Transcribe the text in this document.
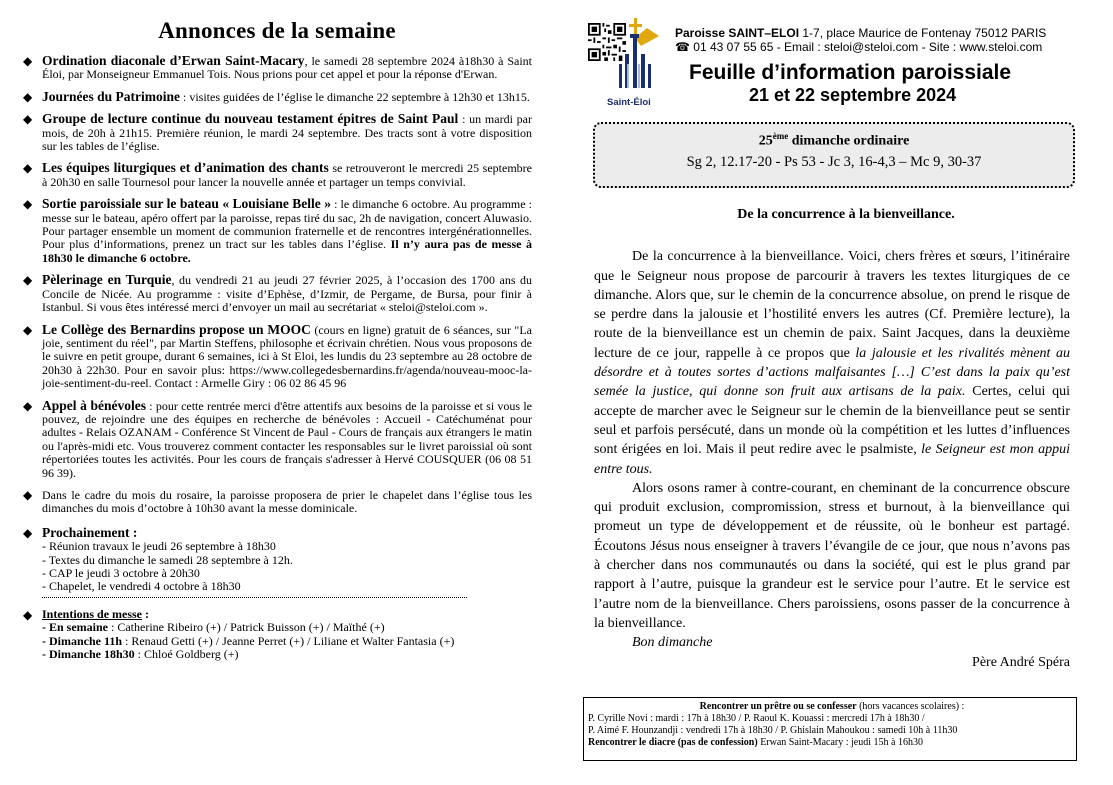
Annonces de la semaine
◆ Ordination diaconale d’Erwan Saint-Macary, le samedi 28 septembre 2024 à18h30 à Saint Éloi, par Monseigneur Emmanuel Tois. Nous prions pour cet appel et pour la réponse d'Erwan.
◆ Journées du Patrimoine : visites guidées de l’église le dimanche 22 septembre à 12h30 et 13h15.
◆ Groupe de lecture continue du nouveau testament épitres de Saint Paul : un mardi par mois, de 20h à 21h15. Première réunion, le mardi 24 septembre. Des tracts sont à votre disposition sur les tables de l’église.
◆ Les équipes liturgiques et d’animation des chants se retrouveront le mercredi 25 septembre à 20h30 en salle Tournesol pour lancer la nouvelle année et partager un temps convivial.
◆ Sortie paroissiale sur le bateau « Louisiane Belle » : le dimanche 6 octobre. Au programme : messe sur le bateau, apéro offert par la paroisse, repas tiré du sac, 2h de navigation, concert Aluwasio. Pour partager ensemble un moment de communion fraternelle et de rencontres intergénérationnelles. Pour plus d’informations, prenez un tract sur les tables dans l’église. Il n’y aura pas de messe à 18h30 le dimanche 6 octobre.
◆ Pèlerinage en Turquie, du vendredi 21 au jeudi 27 février 2025, à l’occasion des 1700 ans du Concile de Nicée. Au programme : visite d’Ephèse, d’Izmir, de Pergame, de Bursa, pour finir à Istanbul. Si vous êtes intéressé merci d’envoyer un mail au secrétariat « steloi@steloi.com ».
◆ Le Collège des Bernardins propose un MOOC (cours en ligne) gratuit de 6 séances, sur "La joie, sentiment du réel", par Martin Steffens, philosophe et écrivain chrétien. Nous vous proposons de le suivre en petit groupe, durant 6 semaines, ici à St Eloi, les lundis du 23 septembre au 28 octobre de 20h30 à 22h30. Pour en savoir plus: https://www.collegedesbernardins.fr/agenda/nouveau-mooc-la-joie-sentiment-du-reel. Contact : Armelle Giry : 06 02 86 45 96
◆ Appel à bénévoles : pour cette rentrée merci d'être attentifs aux besoins de la paroisse et si vous le pouvez, de rejoindre une des équipes en recherche de bénévoles : Accueil - Catéchuménat pour adultes - Relais OZANAM - Conférence St Vincent de Paul - Cours de français aux étrangers le matin ou l'après-midi etc. Vous trouverez comment contacter les responsables sur le livret paroissial où sont répertoriées toutes les activités. Pour les cours de français s'adresser à Hervé COUSQUER (06 08 51 96 39).
◆ Dans le cadre du mois du rosaire, la paroisse proposera de prier le chapelet dans l’église tous les dimanches du mois d’octobre à 10h30 avant la messe dominicale.
◆ Prochainement :
- Réunion travaux le jeudi 26 septembre à 18h30
- Textes du dimanche le samedi 28 septembre à 12h.
- CAP le jeudi 3 octobre à 20h30
- Chapelet, le vendredi 4 octobre à 18h30
◆ Intentions de messe :
- En semaine : Catherine Ribeiro (+) / Patrick Buisson (+) / Maïthé (+)
- Dimanche 11h : Renaud Getti (+) / Jeanne Perret (+) / Liliane et Walter Fantasia (+)
- Dimanche 18h30 : Chloé Goldberg (+)
Saint-Éloi
Paroisse SAINT–ELOI 1-7, place Maurice de Fontenay 75012 PARIS
☎ 01 43 07 55 65 - Email : steloi@steloi.com - Site : www.steloi.com
Feuille d’information paroissiale
21 et 22 septembre 2024
25ème dimanche ordinaire
Sg 2, 12.17-20 - Ps 53 - Jc 3, 16-4,3 – Mc 9, 30-37
De la concurrence à la bienveillance.

De la concurrence à la bienveillance. Voici, chers frères et sœurs, l’itinéraire que le Seigneur nous propose de parcourir à travers les textes liturgiques de ce dimanche. Alors que, sur le chemin de la concurrence absolue, on prend le risque de se perdre dans la jalousie et l’hostilité envers les autres (Cf. Première lecture), la route de la bienveillance est un chemin de paix. Saint Jacques, dans la deuxième lecture de ce jour, rappelle à ce propos que la jalousie et les rivalités mènent au désordre et à toutes sortes d’actions malfaisantes […] C’est dans la paix qu’est semée la justice, qui donne son fruit aux artisans de la paix. Certes, celui qui accepte de marcher avec le Seigneur sur le chemin de la bienveillance peut se sentir seul et parfois persécuté, dans un monde où la compétition et les luttes d’influences sont érigées en loi. Mais il peut redire avec le psalmiste, le Seigneur est mon appui entre tous.

Alors osons ramer à contre-courant, en cheminant de la concurrence obscure qui produit exclusion, compromission, stress et burnout, à la bienveillance qui promeut un type de développement et de réussite, où le bonheur est partagé. Écoutons Jésus nous enseigner à travers l’évangile de ce jour, que nous n’avons pas à chercher dans nos communautés ou dans la société, qui est le plus grand par rapport à l’autre, puisque la grandeur est le service pour l’autre. Et le service est l’autre nom de la bienveillance. Chers paroissiens, osons passer de la concurrence à la bienveillance.

Bon dimanche

Père André Spéra

Rencontrer un prêtre ou se confesser (hors vacances scolaires) :
P. Cyrille Novi : mardi : 17h à 18h30 / P. Raoul K. Kouassi : mercredi 17h à 18h30 /
P. Aimé F. Hounzandji : vendredi 17h à 18h30 / P. Ghislain Mahoukou : samedi 10h à 11h30
Rencontrer le diacre (pas de confession) Erwan Saint-Macary : jeudi 15h à 16h30
